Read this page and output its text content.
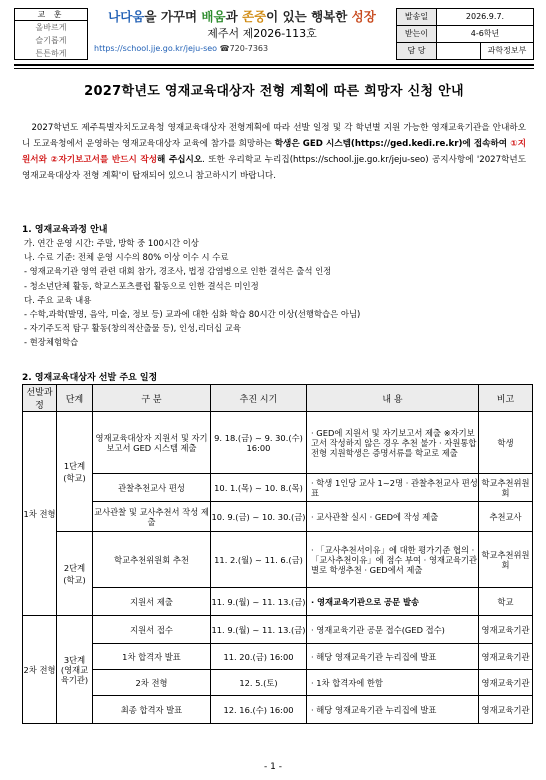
교 훈
올바르게
슬기롭게
튼튼하게
나다움을 가꾸며 배움과 존중이 있는 행복한 성장
제주서 제2026-113호
https://school.jje.go.kr/jeju-seo ☎720-7363
발송일	2026.9.7.
받는이	4-6학년
담 당	과학정보부
2027학년도 영재교육대상자 전형 계획에 따른 희망자 신청 안내
2027학년도 제주특별자치도교육청 영재교육대상자 전형계획에 따라 선발 일정 및 각 학년별 지원 가능한 영재교육기관을 안내하오니 도교육청에서 운영하는 영재교육대상자 교육에 참가를 희망하는 학생은 GED 시스템(https://ged.kedi.re.kr)에 접속하여 ①지원서와 ②자기보고서를 반드시 작성해 주십시오. 또한 우리학교 누리집(https://school.jje.go.kr/jeju-seo) 공지사항에 '2027학년도 영재교육대상자 전형 계획'이 탑재되어 있으니 참고하시기 바랍니다.
1. 영재교육과정 안내
가. 연간 운영 시간: 주말, 방학 중 100시간 이상
나. 수료 기준: 전체 운영 시수의 80% 이상 이수 시 수료
- 영재교육기관 영역 관련 대회 참가, 경조사, 법정 감염병으로 인한 결석은 출석 인정
- 청소년단체 활동, 학교스포츠클럽 활동으로 인한 결석은 미인정
다. 주요 교육 내용
- 수학,과학(발명, 음악, 미술, 정보 등) 교과에 대한 심화 학습 80시간 이상(선행학습은 아님)
- 자기주도적 탐구 활동(창의적산출물 등), 인성,리더십 교육
- 현장체험학습
2. 영재교육대상자 선발 주요 일정
선발과정	단계	구 분	추진 시기	내 용	비고
1차 전형	1단계 (학교)	영재교육대상자 지원서 및 자기보고서 GED 시스템 제출	9. 18.(금) ~ 9. 30.(수) 16:00	· GED에 지원서 및 자기보고서 제출 ※자기보고서 작성하지 않은 경우 추천 불가 · 자원통합전형 지원학생은 증명서류를 학교로 제출	학생
		관찰추천교사 편성	10. 1.(목) ~ 10. 8.(목)	· 학생 1인당 교사 1~2명 · 관찰추천교사 편성표	학교추천위원회
		교사관찰 및 교사추천서 작성 제출	10. 9.(금) ~ 10. 30.(금)	· 교사관찰 실시 · GED에 작성 제출	추천교사
	2단계 (학교)	학교추천위원회 추천	11. 2.(월) ~ 11. 6.(금)	· 「교사추천서이유」에 대한 평가기준 협의 · 「교사추천이유」에 점수 부여 · 영재교육기관별로 학생추천 · GED에서 제출	학교추천위원회
		지원서 제출	11. 9.(월) ~ 11. 13.(금)	· 영재교육기관으로 공문 발송	학교
2차 전형	3단계 (영재교육기관)	지원서 접수	11. 9.(월) ~ 11. 13.(금)	· 영재교육기관 공문 접수(GED 접수)	영재교육기관
		1차 합격자 발표	11. 20.(금) 16:00	· 해당 영재교육기관 누리집에 발표	영재교육기관
		2차 전형	12. 5.(토)	· 1차 합격자에 한함	영재교육기관
		최종 합격자 발표	12. 16.(수) 16:00	· 해당 영재교육기관 누리집에 발표	영재교육기관
- 1 -
